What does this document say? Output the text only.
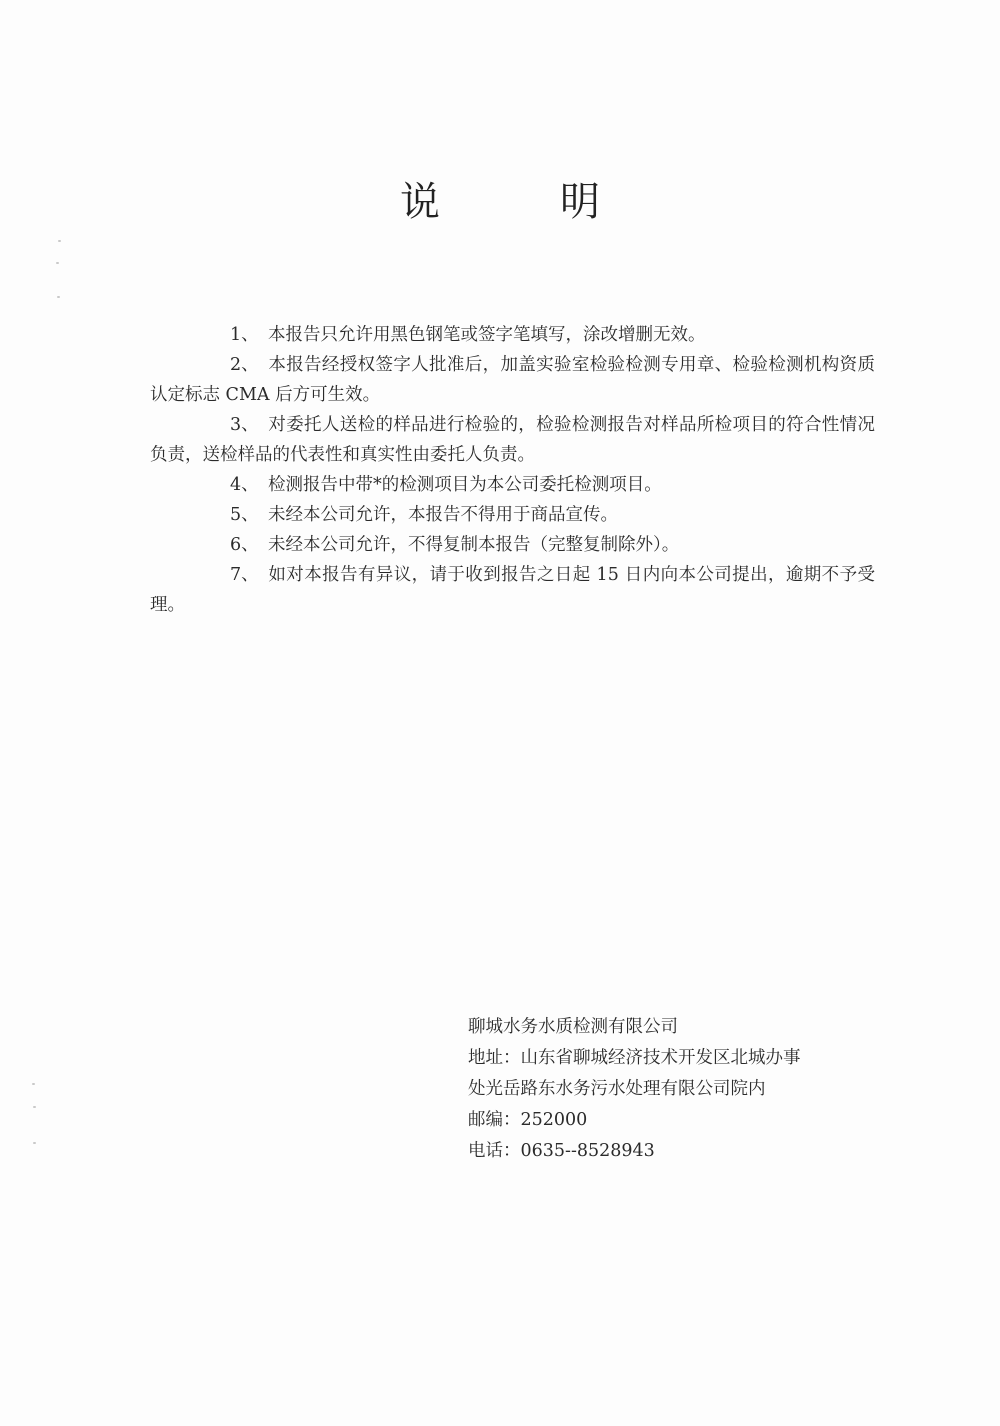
说	明

1、 本报告只允许用黑色钢笔或签字笔填写，涂改增删无效。

2、 本报告经授权签字人批准后，加盖实验室检验检测专用章、检验检测机构资质认定标志 CMA 后方可生效。

3、 对委托人送检的样品进行检验的，检验检测报告对样品所检项目的符合性情况负责，送检样品的代表性和真实性由委托人负责。

4、 检测报告中带*的检测项目为本公司委托检测项目。

5、 未经本公司允许，本报告不得用于商品宣传。

6、 未经本公司允许，不得复制本报告（完整复制除外）。

7、 如对本报告有异议，请于收到报告之日起 15 日内向本公司提出，逾期不予受理。

聊城水务水质检测有限公司
地址：山东省聊城经济技术开发区北城办事
处光岳路东水务污水处理有限公司院内
邮编：252000
电话：0635--8528943
